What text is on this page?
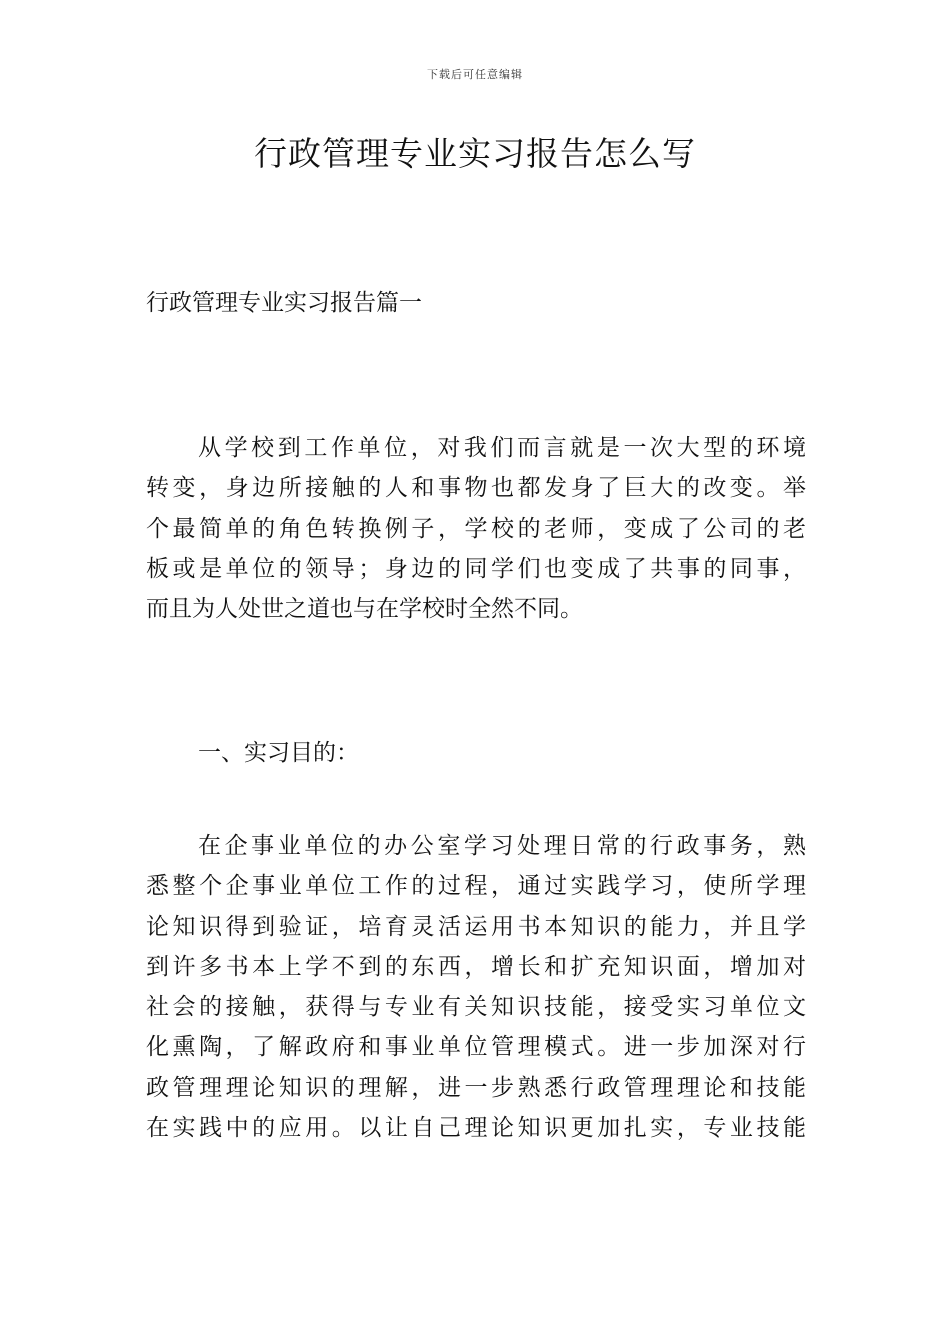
下载后可任意编辑
行政管理专业实习报告怎么写
行政管理专业实习报告篇一
从学校到工作单位，对我们而言就是一次大型的环境
转变，身边所接触的人和事物也都发身了巨大的改变。举
个最简单的角色转换例子，学校的老师，变成了公司的老
板或是单位的领导；身边的同学们也变成了共事的同事，
而且为人处世之道也与在学校时全然不同。
一、实习目的：
在企事业单位的办公室学习处理日常的行政事务，熟
悉整个企事业单位工作的过程，通过实践学习，使所学理
论知识得到验证，培育灵活运用书本知识的能力，并且学
到许多书本上学不到的东西，增长和扩充知识面，增加对
社会的接触，获得与专业有关知识技能，接受实习单位文
化熏陶，了解政府和事业单位管理模式。进一步加深对行
政管理理论知识的理解，进一步熟悉行政管理理论和技能
在实践中的应用。以让自己理论知识更加扎实，专业技能
